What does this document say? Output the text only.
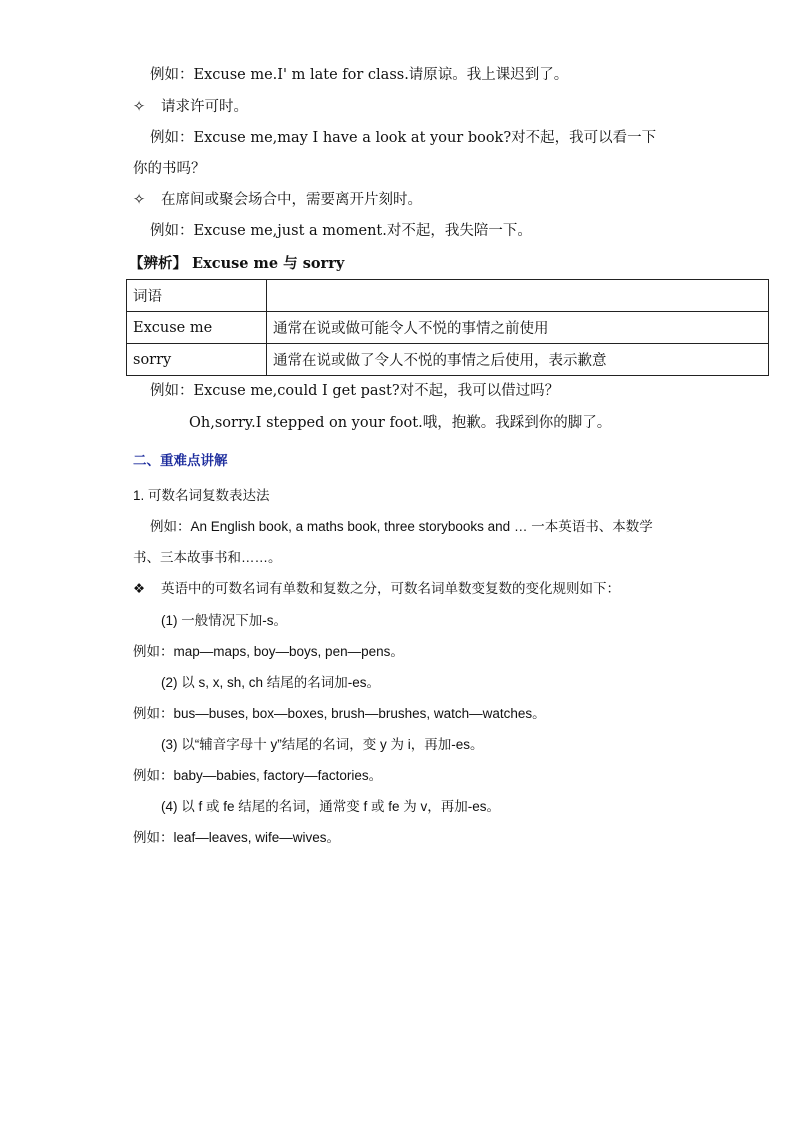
例如：Excuse me.I' m late for class.请原谅。我上课迟到了。
✧ 请求许可时。
例如：Excuse me,may I have a look at your book?对不起，我可以看一下
你的书吗？
✧ 在席间或聚会场合中，需要离开片刻时。
例如：Excuse me,just a moment.对不起，我失陪一下。
【辨析】 Excuse me 与 sorry
词语	
Excuse me	通常在说或做可能令人不悦的事情之前使用
sorry	通常在说或做了令人不悦的事情之后使用，表示歉意
例如：Excuse me,could I get past?对不起，我可以借过吗？
Oh,sorry.I stepped on your foot.哦，抱歉。我踩到你的脚了。
二、重难点讲解
1. 可数名词复数表达法
例如：An English book, a maths book, three storybooks and … 一本英语书、本数学
书、三本故事书和……。
❖ 英语中的可数名词有单数和复数之分，可数名词单数变复数的变化规则如下：
(1) 一般情况下加-s。
例如：map—maps, boy—boys, pen—pens。
(2) 以 s, x, sh, ch 结尾的名词加-es。
例如：bus—buses, box—boxes, brush—brushes, watch—watches。
(3) 以“辅音字母十 y”结尾的名词，变 y 为 i，再加-es。
例如：baby—babies, factory—factories。
(4) 以 f 或 fe 结尾的名词，通常变 f 或 fe 为 v，再加-es。
例如：leaf—leaves, wife—wives。
